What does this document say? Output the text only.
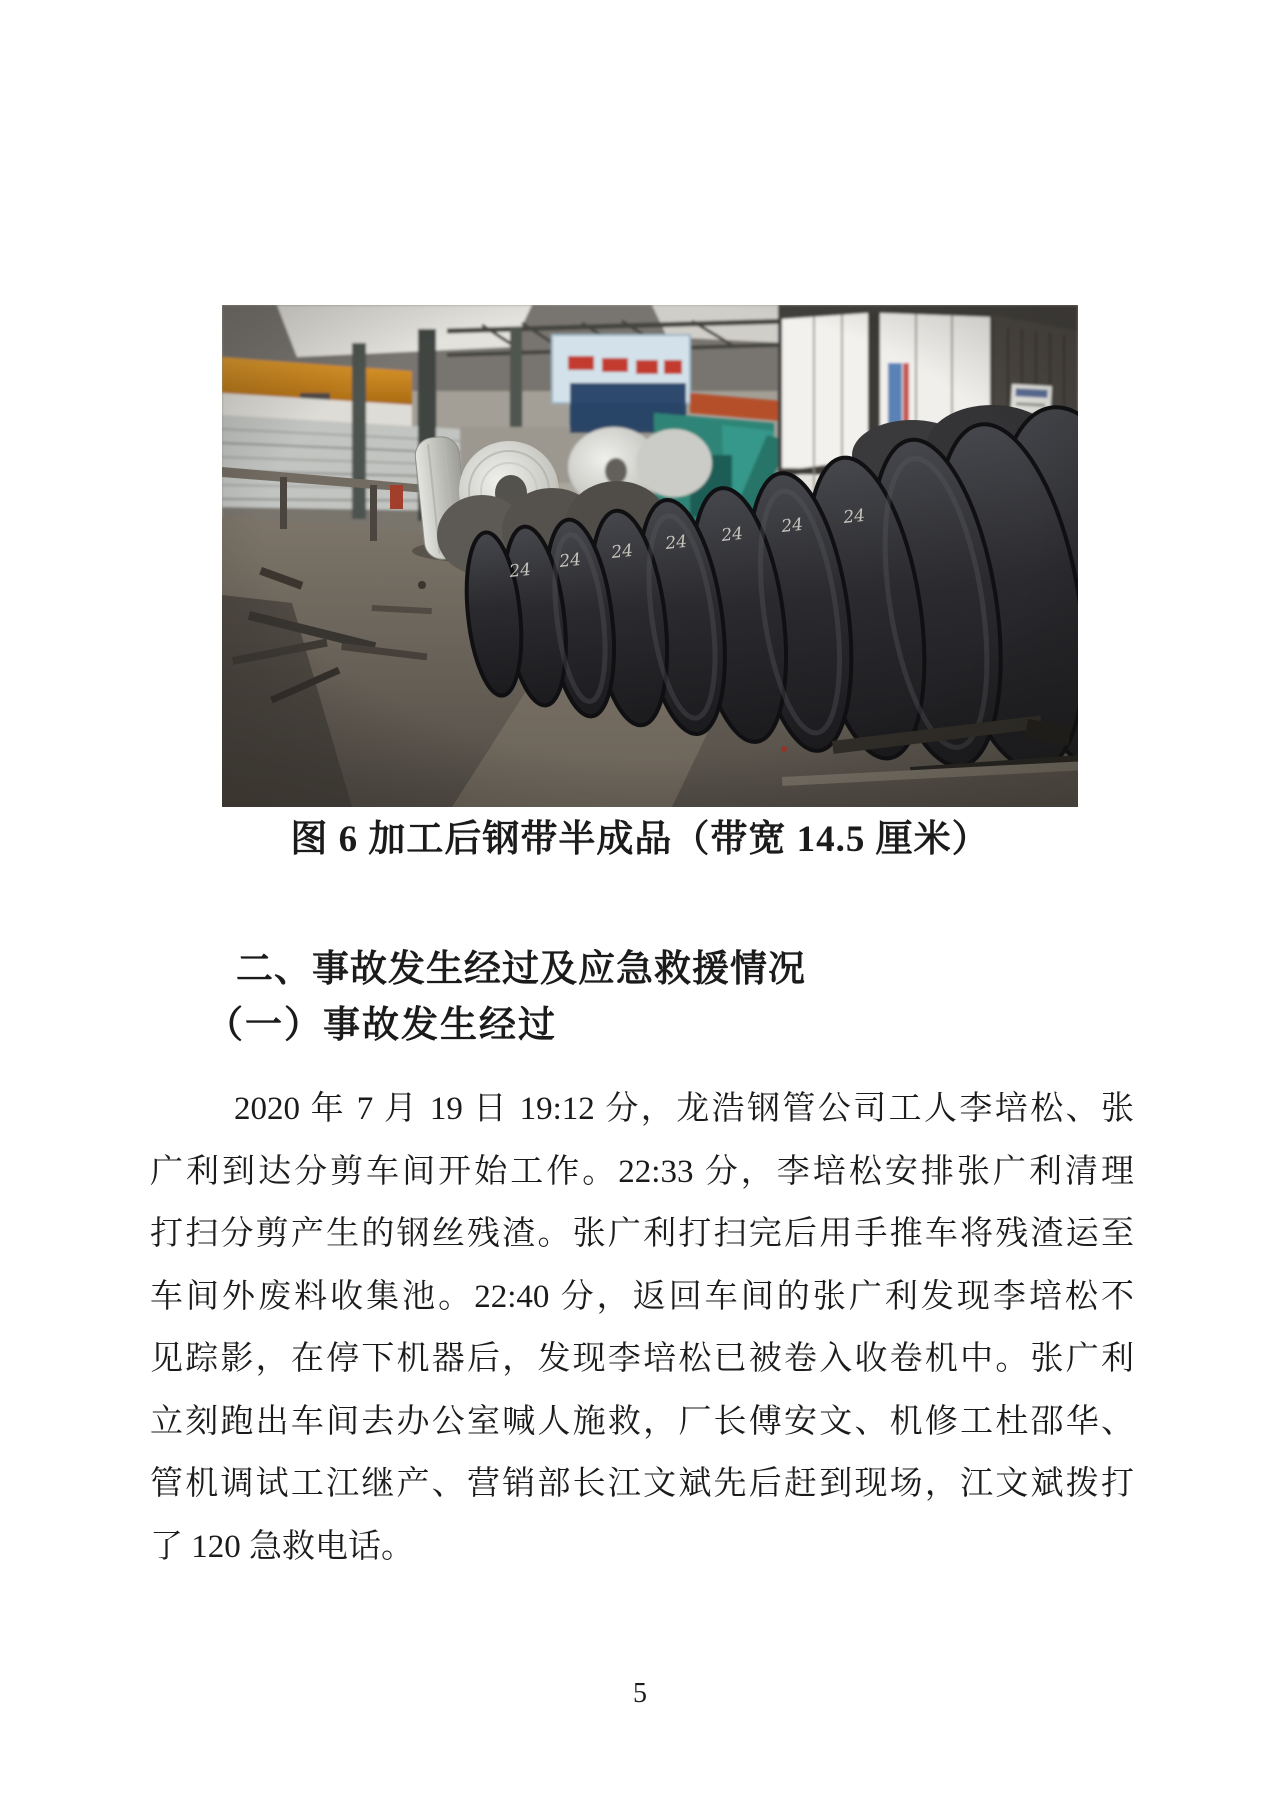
图 6 加工后钢带半成品（带宽 14.5 厘米）
二、事故发生经过及应急救援情况
（一）事故发生经过
2020 年 7 月 19 日 19:12 分，龙浩钢管公司工人李培松、张
广利到达分剪车间开始工作。22:33 分，李培松安排张广利清理
打扫分剪产生的钢丝残渣。张广利打扫完后用手推车将残渣运至
车间外废料收集池。22:40 分，返回车间的张广利发现李培松不
见踪影，在停下机器后，发现李培松已被卷入收卷机中。张广利
立刻跑出车间去办公室喊人施救，厂长傅安文、机修工杜邵华、
管机调试工江继产、营销部长江文斌先后赶到现场，江文斌拨打
了 120 急救电话。
5
